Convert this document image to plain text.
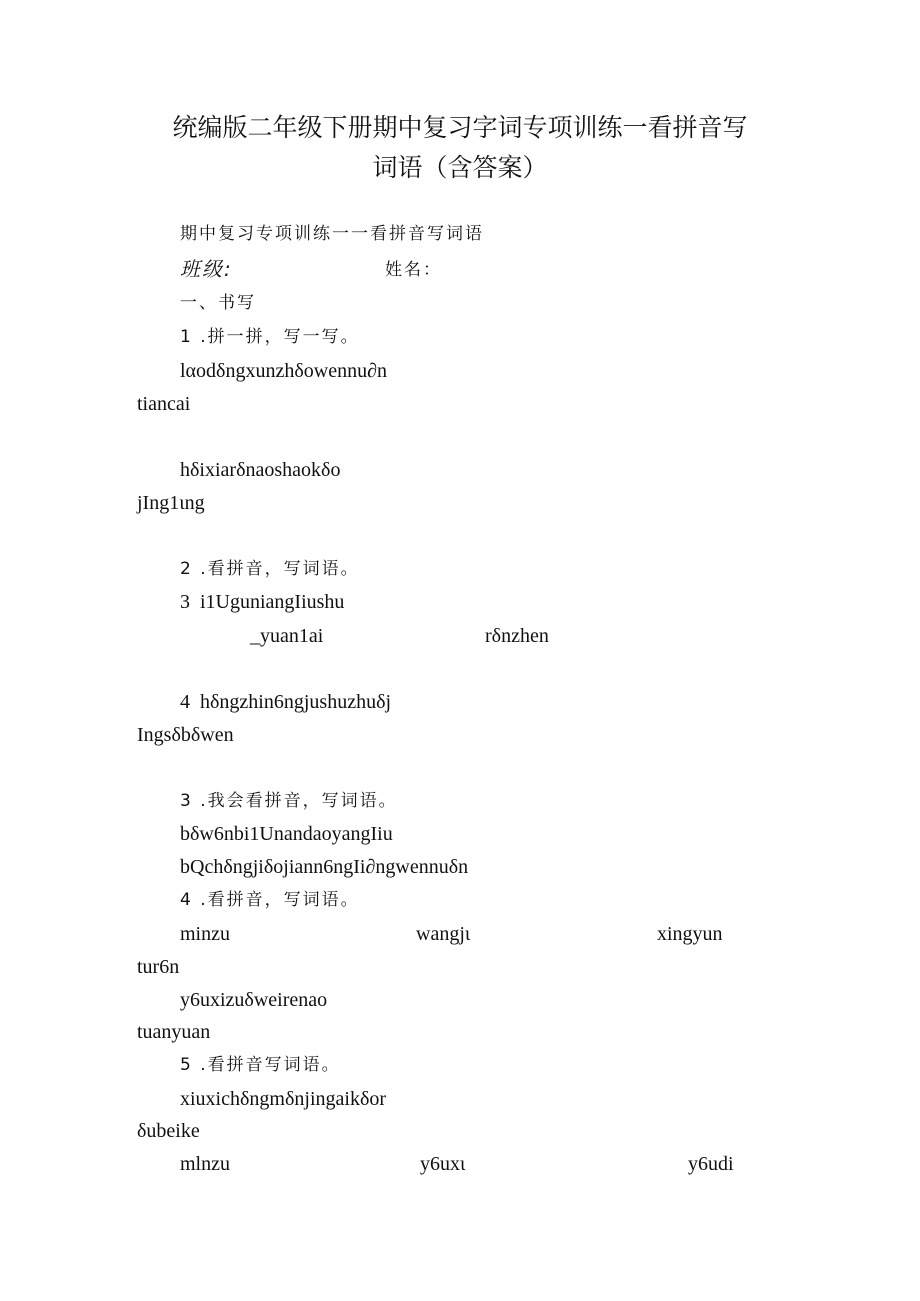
统编版二年级下册期中复习字词专项训练一看拼音写
词语（含答案）
期中复习专项训练一一看拼音写词语
班级:	姓名：
一、书写
1 .拼一拼，写一写。
lαodδngxunzhδowennu∂n
tiancai
hδixiarδnaoshaokδo
jIng1ιng
2 .看拼音，写词语。
3  i1UguniangIiushu
_yuan1ai	rδnzhen
4  hδngzhin6ngjushuzhuδj
Ingsδbδwen
3 .我会看拼音，写词语。
bδw6nbi1UnandaoyangIiu
bQchδngjiδojiann6ngIi∂ngwennuδn
4 .看拼音，写词语。
minzu	wangjι	xingyun
tur6n
y6uxizuδweirenao
tuanyuan
5 .看拼音写词语。
xiuxichδngmδnjingaikδor
δubeike
mlnzu	y6uxι	y6udi
